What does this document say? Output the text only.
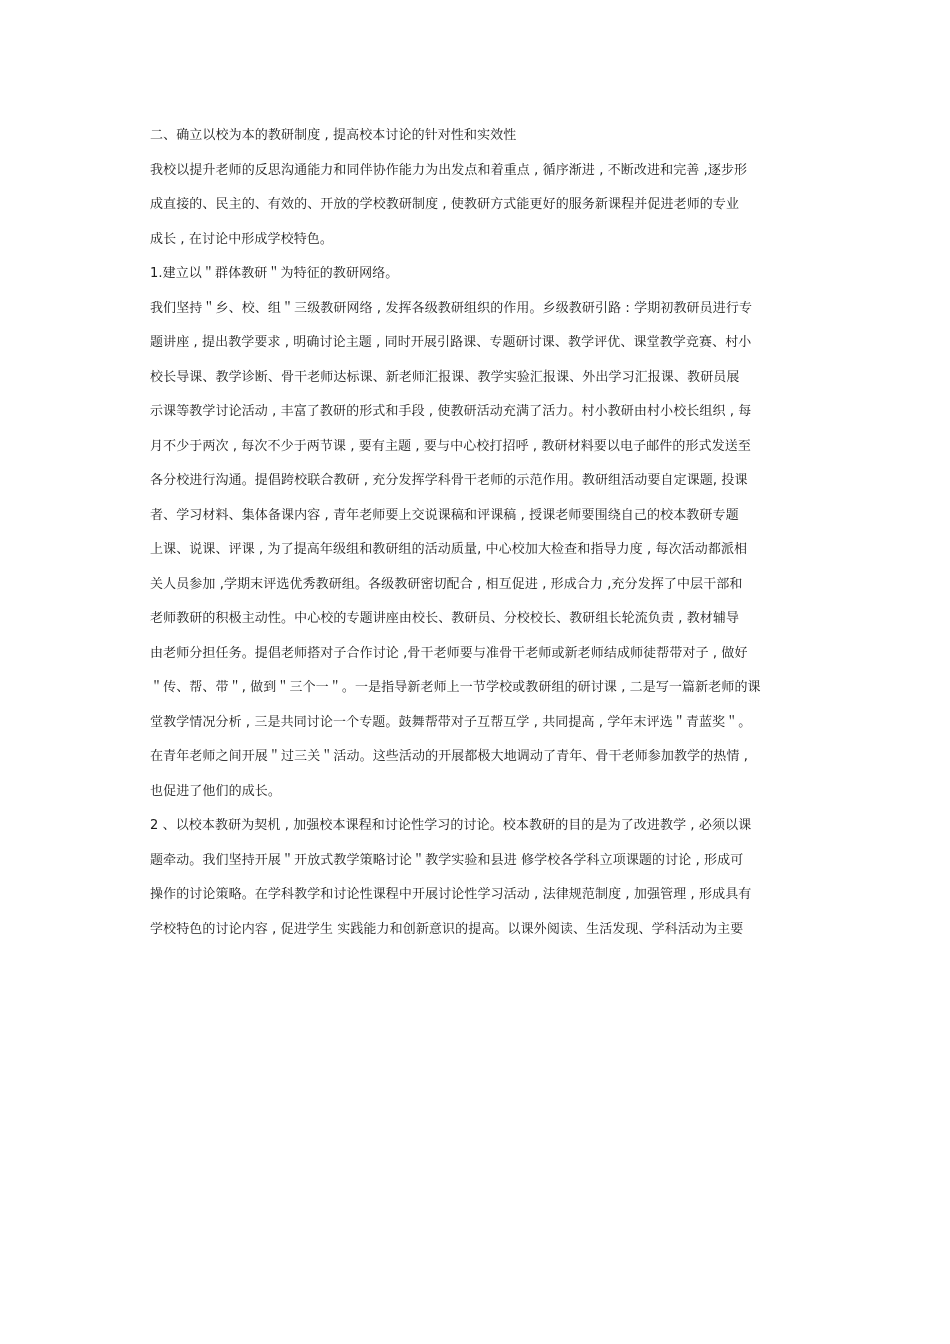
二、确立以校为本的教研制度 , 提高校本讨论的针对性和实效性
我校以提升老师的反思沟通能力和同伴协作能力为出发点和着重点 , 循序渐进 , 不断改进和完善 ,逐步形
成直接的、民主的、有效的、开放的学校教研制度 , 使教研方式能更好的服务新课程并促进老师的专业
成长 , 在讨论中形成学校特色。
1.建立以＂群体教研＂为特征的教研网络。
我们坚持＂乡、校、组＂三级教研网络 , 发挥各级教研组织的作用。乡级教研引路 : 学期初教研员进行专
题讲座 , 提出教学要求 , 明确讨论主题 , 同时开展引路课、专题研讨课、教学评优、课堂教学竞赛、村小
校长导课、教学诊断、骨干老师达标课、新老师汇报课、教学实验汇报课、外出学习汇报课、教研员展
示课等教学讨论活动 , 丰富了教研的形式和手段 , 使教研活动充满了活力。村小教研由村小校长组织 , 每
月不少于两次 , 每次不少于两节课 , 要有主题 , 要与中心校打招呼 , 教研材料要以电子邮件的形式发送至
各分校进行沟通。提倡跨校联合教研 , 充分发挥学科骨干老师的示范作用。教研组活动要自定课题, 投课
者、学习材料、集体备课内容 , 青年老师要上交说课稿和评课稿 , 授课老师要围绕自己的校本教研专题
上课、说课、评课 , 为了提高年级组和教研组的活动质量, 中心校加大检查和指导力度 , 每次活动都派相
关人员参加 ,学期末评选优秀教研组。各级教研密切配合 , 相互促进 , 形成合力 ,充分发挥了中层干部和
老师教研的积极主动性。中心校的专题讲座由校长、教研员、分校校长、教研组长轮流负责 , 教材辅导
由老师分担任务。提倡老师搭对子合作讨论 ,骨干老师要与准骨干老师或新老师结成师徒帮带对子 , 做好
＂传、帮、带＂, 做到＂三个一＂。一是指导新老师上一节学校或教研组的研讨课 , 二是写一篇新老师的课
堂教学情况分析 , 三是共同讨论一个专题。鼓舞帮带对子互帮互学 , 共同提高 , 学年末评选＂青蓝奖＂。
在青年老师之间开展＂过三关＂活动。这些活动的开展都极大地调动了青年、骨干老师参加教学的热情 ,
也促进了他们的成长。
2 、以校本教研为契机 , 加强校本课程和讨论性学习的讨论。校本教研的目的是为了改进教学 , 必须以课
题牵动。我们坚持开展＂开放式教学策略讨论＂教学实验和县进 修学校各学科立项课题的讨论 , 形成可
操作的讨论策略。在学科教学和讨论性课程中开展讨论性学习活动 , 法律规范制度 , 加强管理 , 形成具有
学校特色的讨论内容 , 促进学生 实践能力和创新意识的提高。以课外阅读、生活发现、学科活动为主要
